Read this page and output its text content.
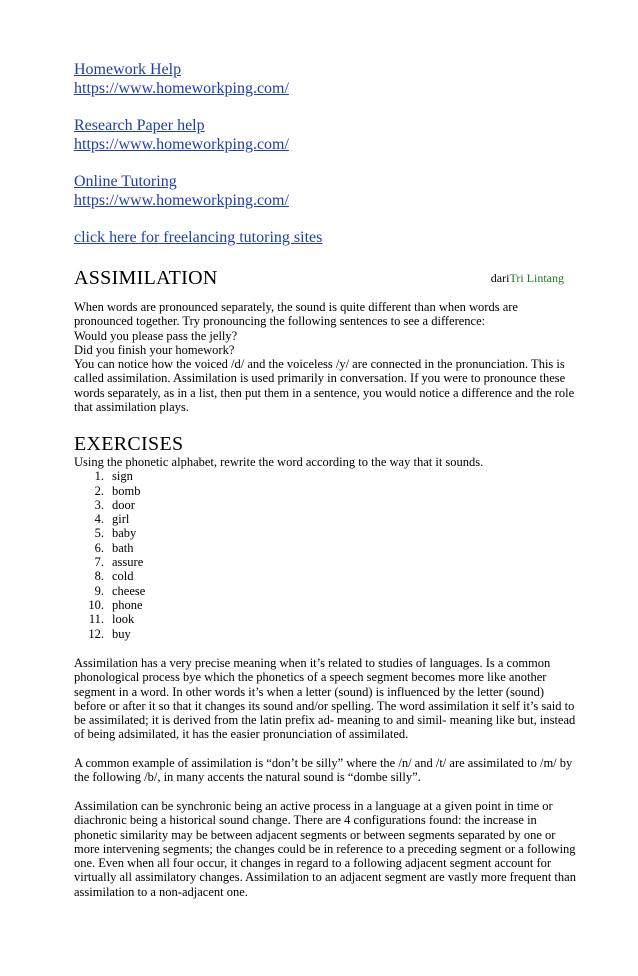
Homework Help
https://www.homeworkping.com/
Research Paper help
https://www.homeworkping.com/
Online Tutoring
https://www.homeworkping.com/
click here for freelancing tutoring sites
ASSIMILATION	dariTri Lintang

When words are pronounced separately, the sound is quite different than when words are

pronounced together. Try pronouncing the following sentences to see a difference:

Would you please pass the jelly?

Did you finish your homework?

You can notice how the voiced /d/ and the voiceless /y/ are connected in the pronunciation. This is

called assimilation. Assimilation is used primarily in conversation. If you were to pronounce these

words separately, as in a list, then put them in a sentence, you would notice a difference and the role

that assimilation plays.

EXERCISES
Using the phonetic alphabet, rewrite the word according to the way that it sounds.
1. sign
2. bomb
3. door
4. girl
5. baby
6. bath
7. assure
8. cold
9. cheese
10. phone
11. look
12. buy

Assimilation has a very precise meaning when it’s related to studies of languages. Is a common

phonological process bye which the phonetics of a speech segment becomes more like another

segment in a word. In other words it’s when a letter (sound) is influenced by the letter (sound)

before or after it so that it changes its sound and/or spelling. The word assimilation it self it’s said to

be assimilated; it is derived from the latin prefix ad- meaning to and simil- meaning like but, instead

of being adsimilated, it has the easier pronunciation of assimilated.

A common example of assimilation is “don’t be silly” where the /n/ and /t/ are assimilated to /m/ by

the following /b/, in many accents the natural sound is “dombe silly”.

Assimilation can be synchronic being an active process in a language at a given point in time or

diachronic being a historical sound change. There are 4 configurations found: the increase in

phonetic similarity may be between adjacent segments or between segments separated by one or

more intervening segments; the changes could be in reference to a preceding segment or a following

one. Even when all four occur, it changes in regard to a following adjacent segment account for

virtually all assimilatory changes. Assimilation to an adjacent segment are vastly more frequent than

assimilation to a non-adjacent one.
